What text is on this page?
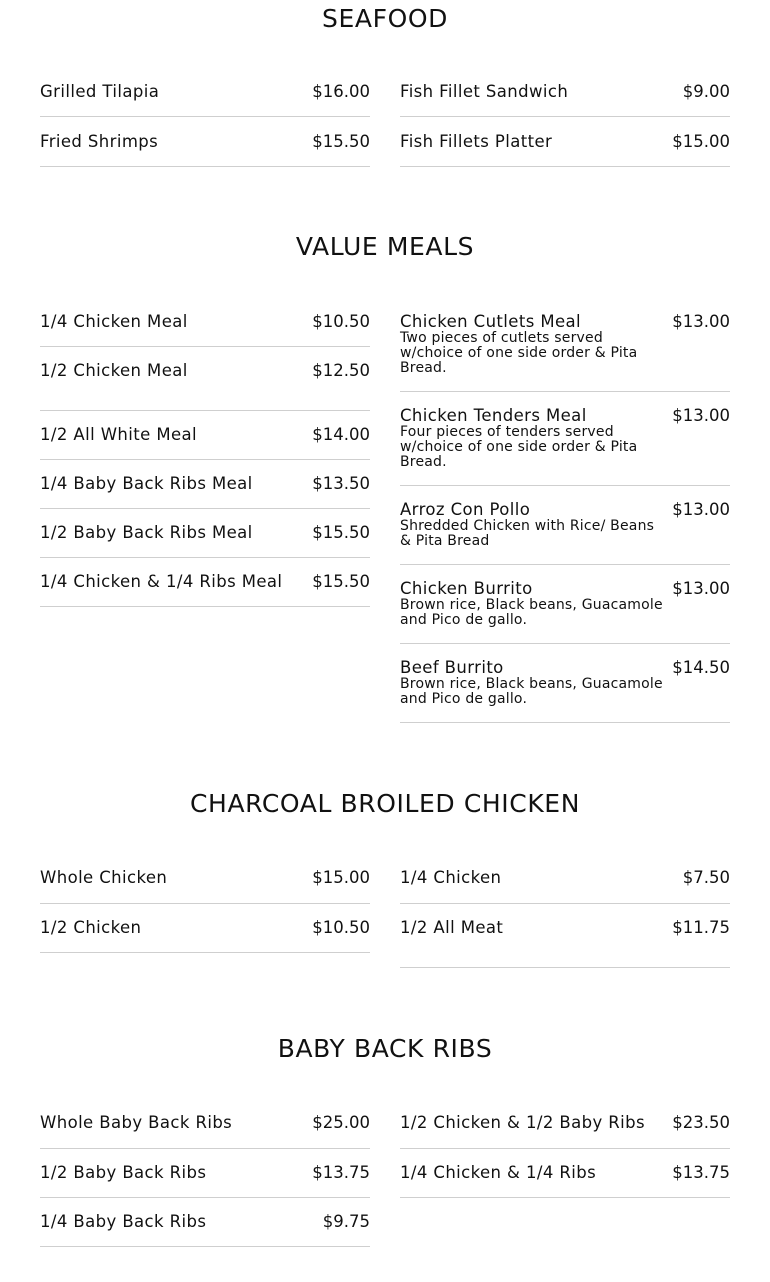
SEAFOOD
Grilled Tilapia	$16.00
Fried Shrimps	$15.50
Fish Fillet Sandwich	$9.00
Fish Fillets Platter	$15.00
VALUE MEALS
1/4 Chicken Meal	$10.50
1/2 Chicken Meal	$12.50
1/2 All White Meal	$14.00
1/4 Baby Back Ribs Meal	$13.50
1/2 Baby Back Ribs Meal	$15.50
1/4 Chicken & 1/4 Ribs Meal $15.50
Chicken Cutlets Meal	$13.00
Two pieces of cutlets served w/choice of one side order & Pita Bread.
Chicken Tenders Meal	$13.00
Four pieces of tenders served w/choice of one side order & Pita Bread.
Arroz Con Pollo	$13.00
Shredded Chicken with Rice/ Beans & Pita Bread
Chicken Burrito	$13.00
Brown rice, Black beans, Guacamole and Pico de gallo.
Beef Burrito	$14.50
Brown rice, Black beans, Guacamole and Pico de gallo.
CHARCOAL BROILED CHICKEN
Whole Chicken	$15.00
1/2 Chicken	$10.50
1/4 Chicken	$7.50
1/2 All Meat	$11.75
BABY BACK RIBS
Whole Baby Back Ribs	$25.00
1/2 Baby Back Ribs	$13.75
1/4 Baby Back Ribs	$9.75
1/2 Chicken & 1/2 Baby Ribs $23.50
1/4 Chicken & 1/4 Ribs	$13.75
